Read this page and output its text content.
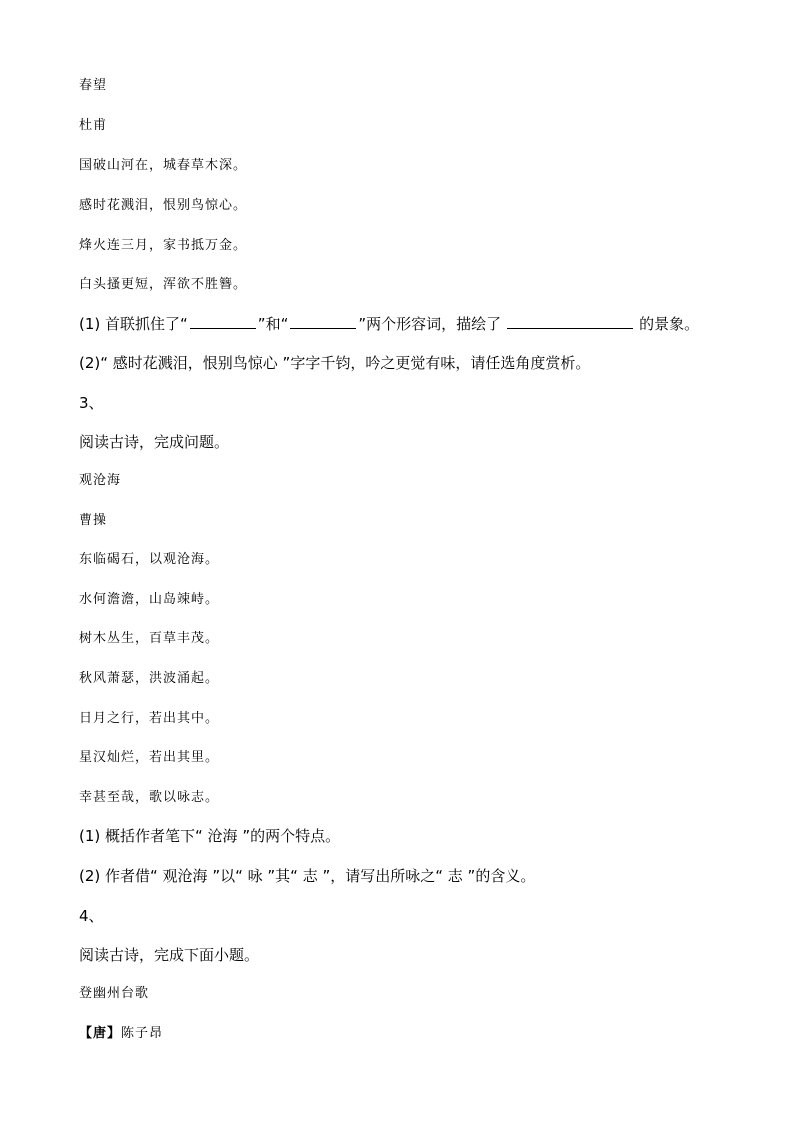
春望
杜甫
国破山河在，城春草木深。
感时花溅泪，恨别鸟惊心。
烽火连三月，家书抵万金。
白头搔更短，浑欲不胜簪。
(1) 首联抓住了“	”和“	”两个形容词，描绘了	的景象。
(2)“ 感时花溅泪，恨别鸟惊心 ”字字千钧，吟之更觉有味，请任选角度赏析。
3、
阅读古诗，完成问题。
观沧海
曹操
东临碣石，以观沧海。
水何澹澹，山岛竦峙。
树木丛生，百草丰茂。
秋风萧瑟，洪波涌起。
日月之行，若出其中。
星汉灿烂，若出其里。
幸甚至哉，歌以咏志。
(1) 概括作者笔下“ 沧海 ”的两个特点。
(2) 作者借“ 观沧海 ”以“ 咏 ”其“ 志 ”，请写出所咏之“ 志 ”的含义。
4、
阅读古诗，完成下面小题。
登幽州台歌
【唐】陈子昂
